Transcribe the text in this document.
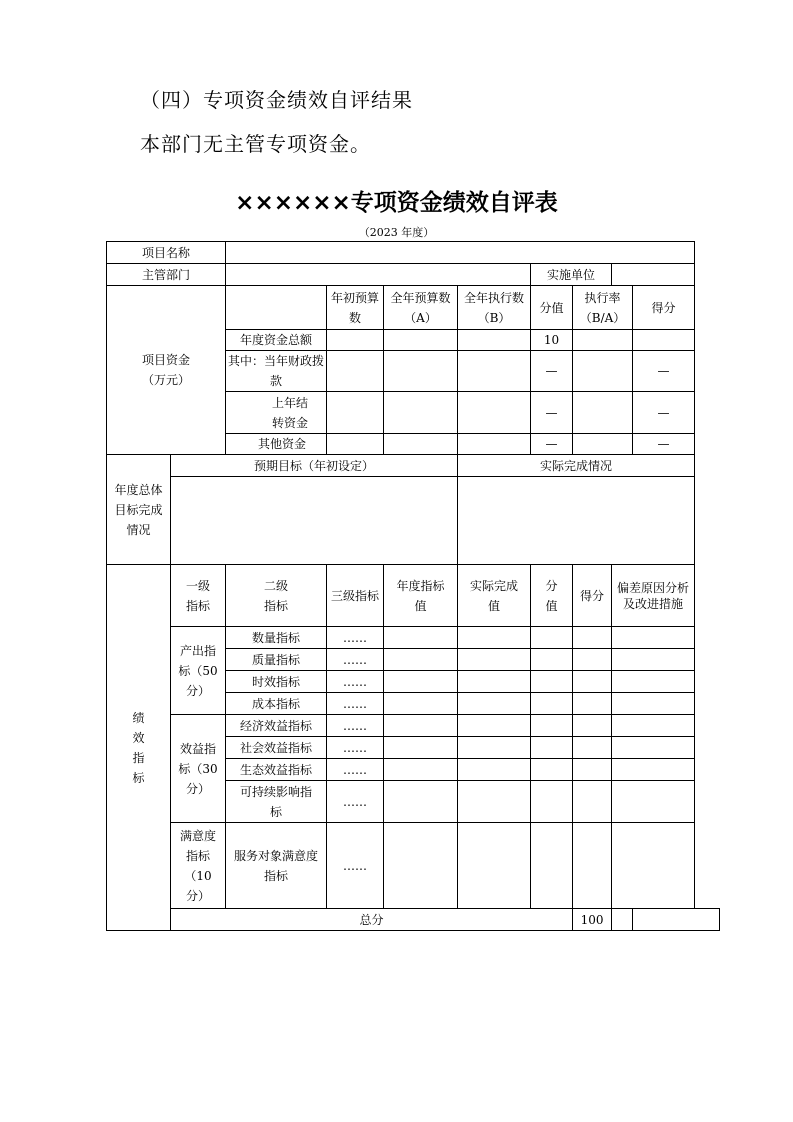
（四）专项资金绩效自评结果
本部门无主管专项资金。
××××××专项资金绩效自评表
（2023 年度）
项目名称									
主管部门						实施单位			
项目资金
（万元）			年初预算数	全年预算数（A）	全年执行数（B）	分值	执行率（B/A）		得分
		年度资金总额				10			
		其中：当年财政拨款				—			—
		上年结转资金				—			—
		其他资金				—			—
年度总体目标完成情况	预期目标（年初设定）				实际完成情况				

绩效指标	一级指标	二级指标	三级指标	年度指标值	实际完成值	分值	得分	偏差原因分析及改进措施	
	产出指标（50分）	数量指标	……						
		质量指标	……						
		时效指标	……						
		成本指标	……						
	效益指标（30分）	经济效益指标	……						
		社会效益指标	……						
		生态效益指标	……						
		可持续影响指标	……						
	满意度指标（10分）	服务对象满意度指标	……						
	总分						100		
